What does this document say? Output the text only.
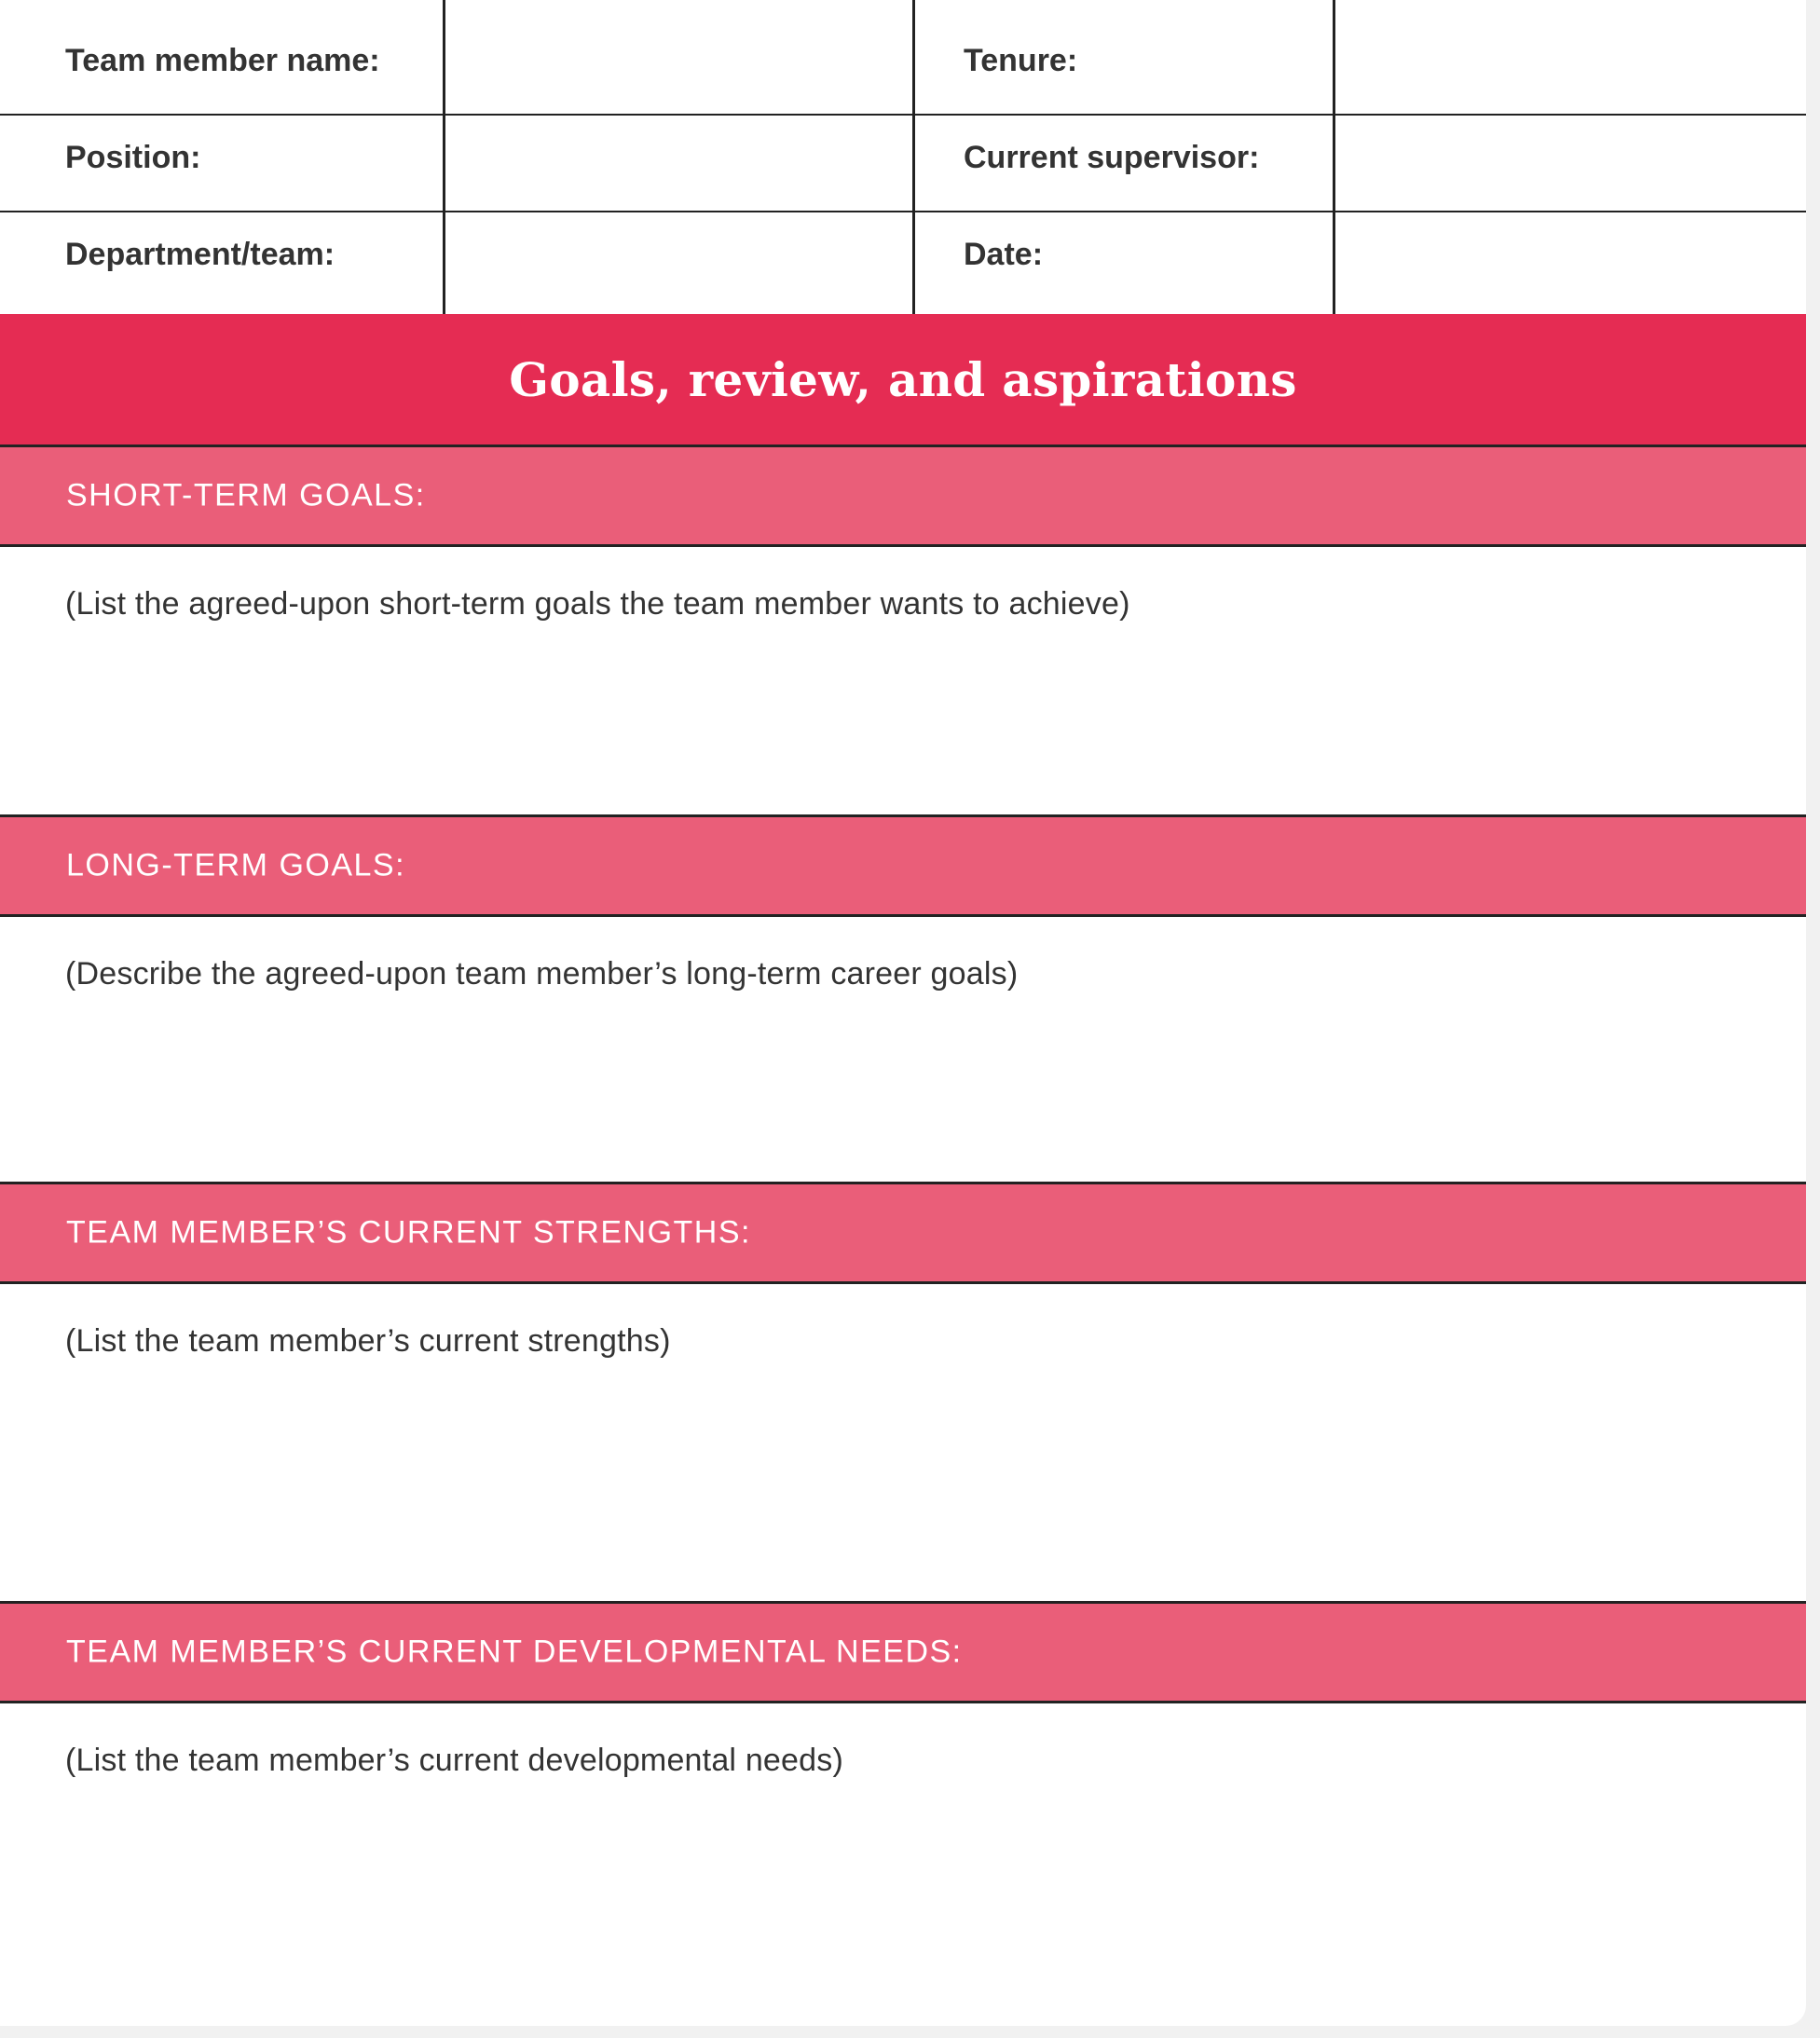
Team member name:	Tenure:
Position:	Current supervisor:
Department/team:	Date:
Goals, review, and aspirations
SHORT-TERM GOALS:
(List the agreed-upon short-term goals the team member wants to achieve)
LONG-TERM GOALS:
(Describe the agreed-upon team member’s long-term career goals)
TEAM MEMBER’S CURRENT STRENGTHS:
(List the team member’s current strengths)
TEAM MEMBER’S CURRENT DEVELOPMENTAL NEEDS:
(List the team member’s current developmental needs)
